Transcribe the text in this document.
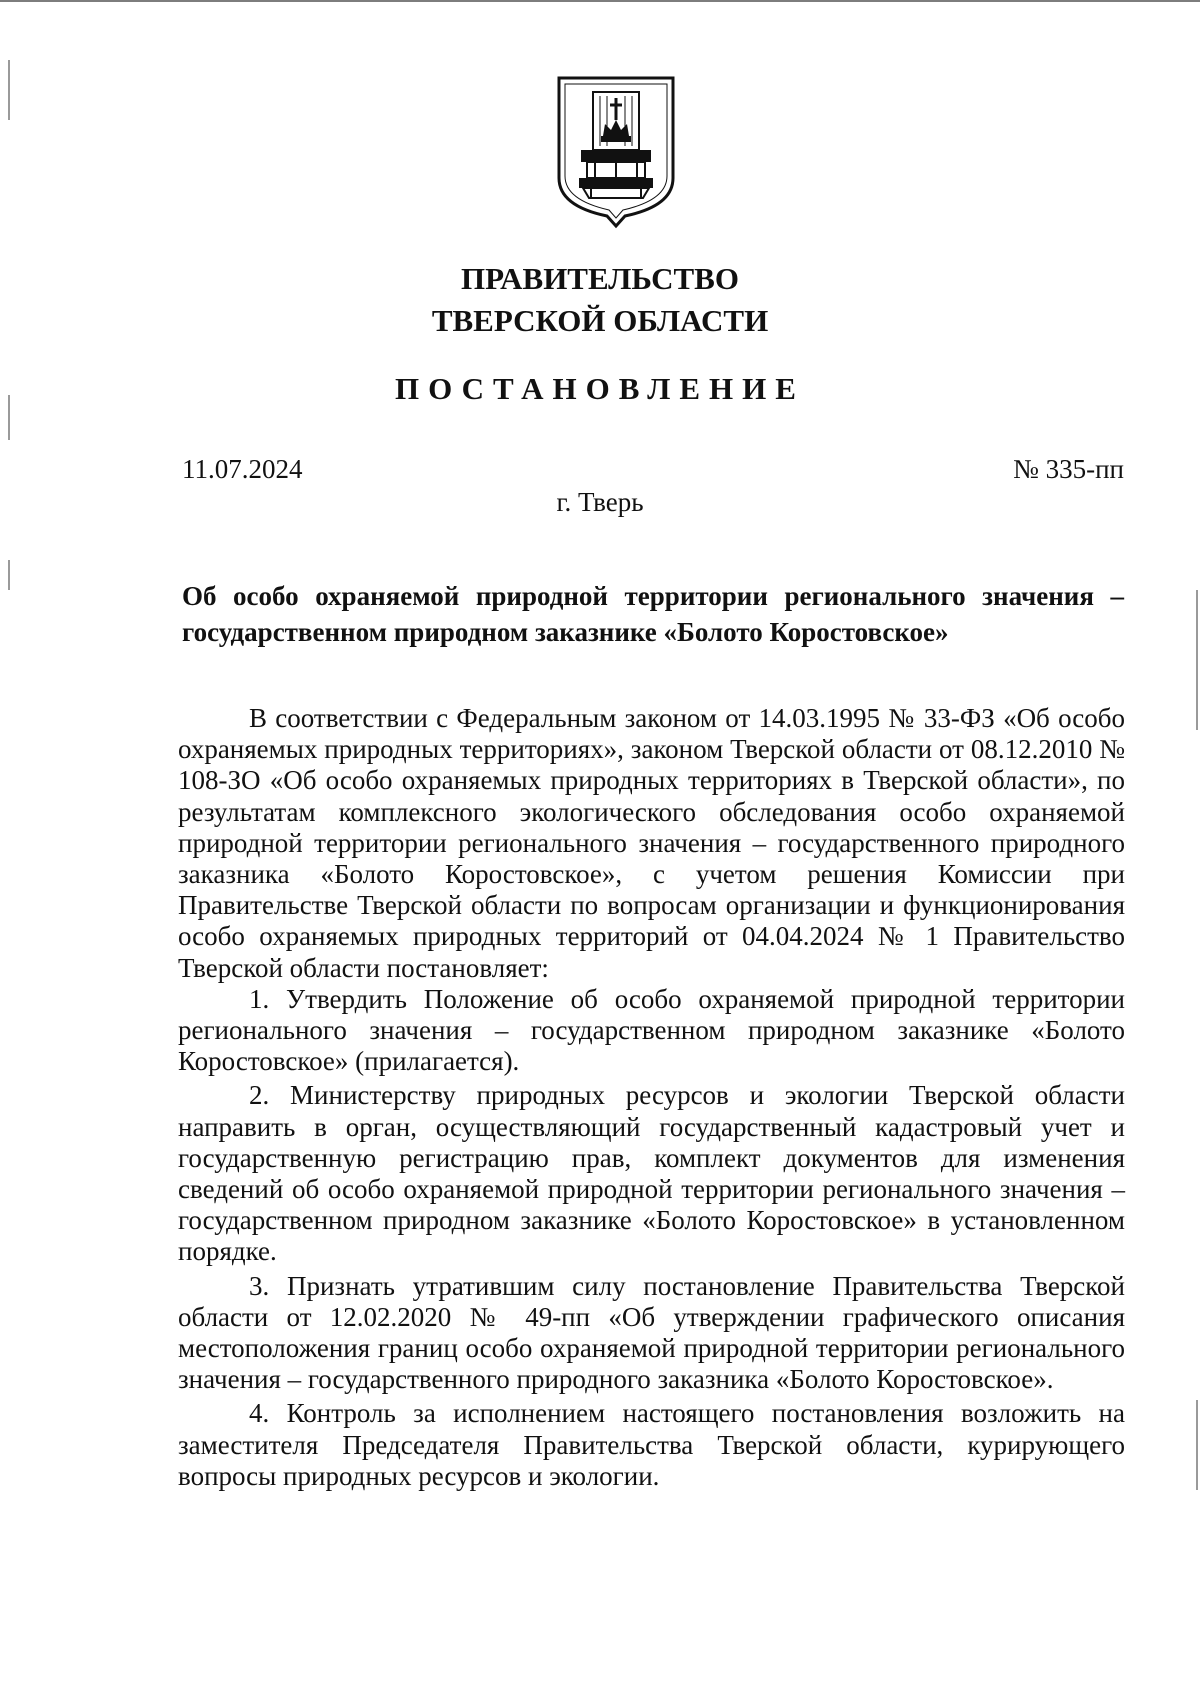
ПРАВИТЕЛЬСТВО
ТВЕРСКОЙ ОБЛАСТИ
ПОСТАНОВЛЕНИЕ
11.07.2024	№ 335-пп
г. Тверь
Об особо охраняемой природной территории регионального значения –
государственном природном заказнике «Болото Коростовское»

В соответствии с Федеральным законом от 14.03.1995 № 33-ФЗ «Об особо охраняемых природных территориях», законом Тверской области от 08.12.2010 № 108-ЗО «Об особо охраняемых природных территориях в Тверской области», по результатам комплексного экологического обследования особо охраняемой природной территории регионального значения – государственного природного заказника «Болото Коростовское», с учетом решения Комиссии при Правительстве Тверской области по вопросам организации и функционирования особо охраняемых природных территорий от 04.04.2024 № 1 Правительство Тверской области постановляет:

1. Утвердить Положение об особо охраняемой природной территории регионального значения – государственном природном заказнике «Болото Коростовское» (прилагается).

2. Министерству природных ресурсов и экологии Тверской области направить в орган, осуществляющий государственный кадастровый учет и государственную регистрацию прав, комплект документов для изменения сведений об особо охраняемой природной территории регионального значения – государственном природном заказнике «Болото Коростовское» в установленном порядке.

3. Признать утратившим силу постановление Правительства Тверской области от 12.02.2020 № 49-пп «Об утверждении графического описания местоположения границ особо охраняемой природной территории регионального значения – государственного природного заказника «Болото Коростовское».

4. Контроль за исполнением настоящего постановления возложить на заместителя Председателя Правительства Тверской области, курирующего вопросы природных ресурсов и экологии.
